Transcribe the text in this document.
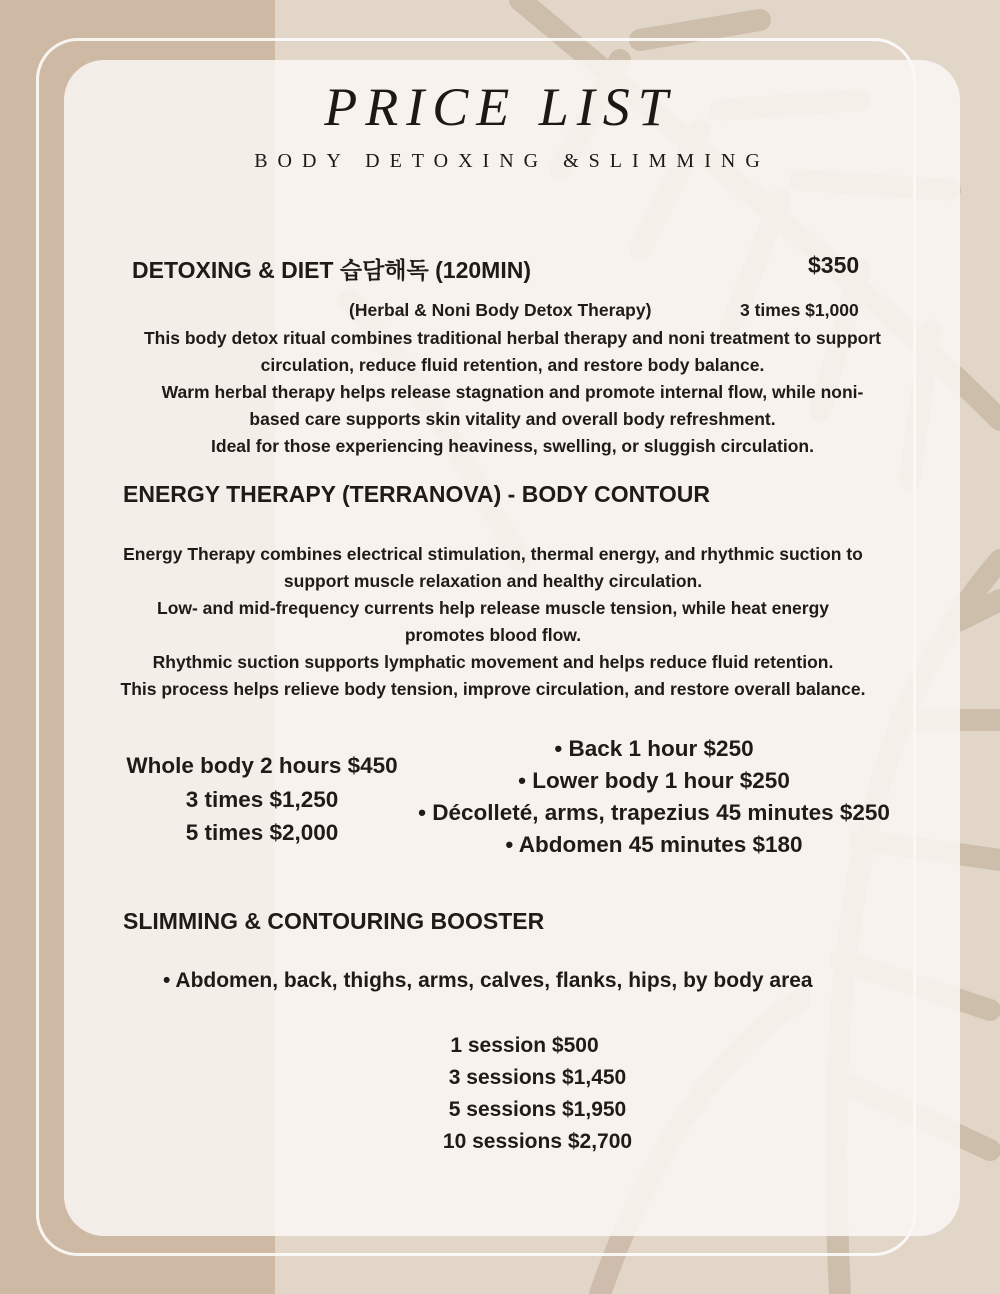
PRICE LIST
BODY DETOXING &SLIMMING
DETOXING & DIET 습담해독 (120MIN)	$350
(Herbal & Noni Body Detox Therapy)	3 times $1,000
This body detox ritual combines traditional herbal therapy and noni treatment to support
circulation, reduce fluid retention, and restore body balance.
Warm herbal therapy helps release stagnation and promote internal flow, while noni-
based care supports skin vitality and overall body refreshment.
Ideal for those experiencing heaviness, swelling, or sluggish circulation.
ENERGY THERAPY (TERRANOVA) - BODY CONTOUR
Energy Therapy combines electrical stimulation, thermal energy, and rhythmic suction to
support muscle relaxation and healthy circulation.
Low- and mid-frequency currents help release muscle tension, while heat energy
promotes blood flow.
Rhythmic suction supports lymphatic movement and helps reduce fluid retention.
This process helps relieve body tension, improve circulation, and restore overall balance.
Whole body 2 hours $450
3 times $1,250
5 times $2,000
• Back 1 hour $250
• Lower body 1 hour $250
• Décolleté, arms, trapezius 45 minutes $250
• Abdomen 45 minutes $180
SLIMMING & CONTOURING BOOSTER
• Abdomen, back, thighs, arms, calves, flanks, hips, by body area
1 session $500
3 sessions $1,450
5 sessions $1,950
10 sessions $2,700
